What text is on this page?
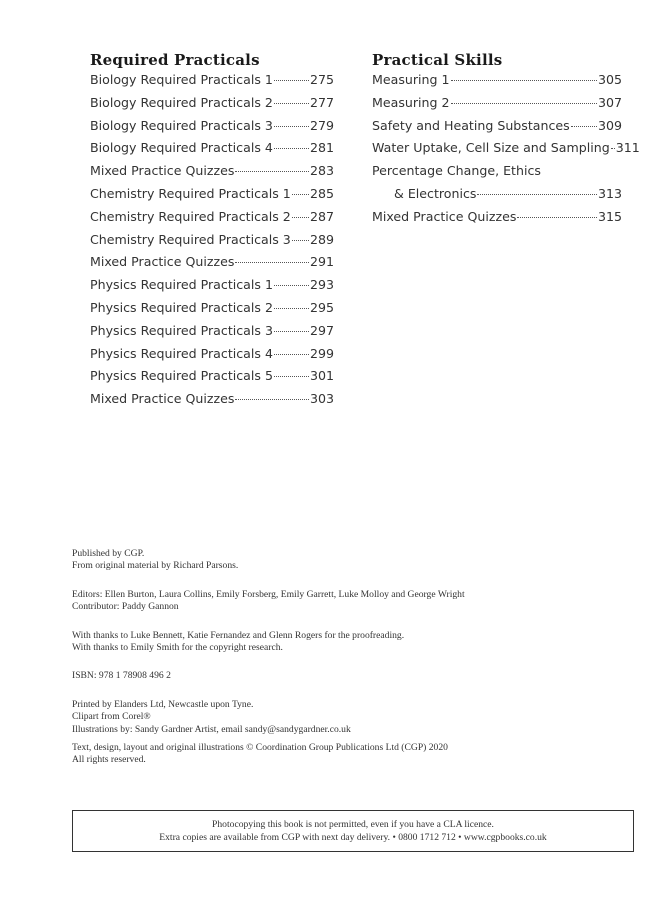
Required Practicals
Biology Required Practicals 1	275
Biology Required Practicals 2	277
Biology Required Practicals 3	279
Biology Required Practicals 4	281
Mixed Practice Quizzes	283
Chemistry Required Practicals 1 285
Chemistry Required Practicals 2 287
Chemistry Required Practicals 3 289
Mixed Practice Quizzes	291
Physics Required Practicals 1	293
Physics Required Practicals 2	295
Physics Required Practicals 3	297
Physics Required Practicals 4	299
Physics Required Practicals 5	301
Mixed Practice Quizzes	303
Practical Skills
Measuring 1	305
Measuring 2	307
Safety and Heating Substances 309
Water Uptake, Cell Size and Sampling 311
Percentage Change, Ethics
& Electronics	313
Mixed Practice Quizzes	315

Published by CGP.

From original material by Richard Parsons.

Editors: Ellen Burton, Laura Collins, Emily Forsberg, Emily Garrett, Luke Molloy and George Wright

Contributor: Paddy Gannon

With thanks to Luke Bennett, Katie Fernandez and Glenn Rogers for the proofreading.

With thanks to Emily Smith for the copyright research.

ISBN: 978 1 78908 496 2

Printed by Elanders Ltd, Newcastle upon Tyne.

Clipart from Corel®

Illustrations by: Sandy Gardner Artist, email sandy@sandygardner.co.uk

Text, design, layout and original illustrations © Coordination Group Publications Ltd (CGP) 2020

All rights reserved.

Photocopying this book is not permitted, even if you have a CLA licence.
Extra copies are available from CGP with next day delivery. • 0800 1712 712 • www.cgpbooks.co.uk
